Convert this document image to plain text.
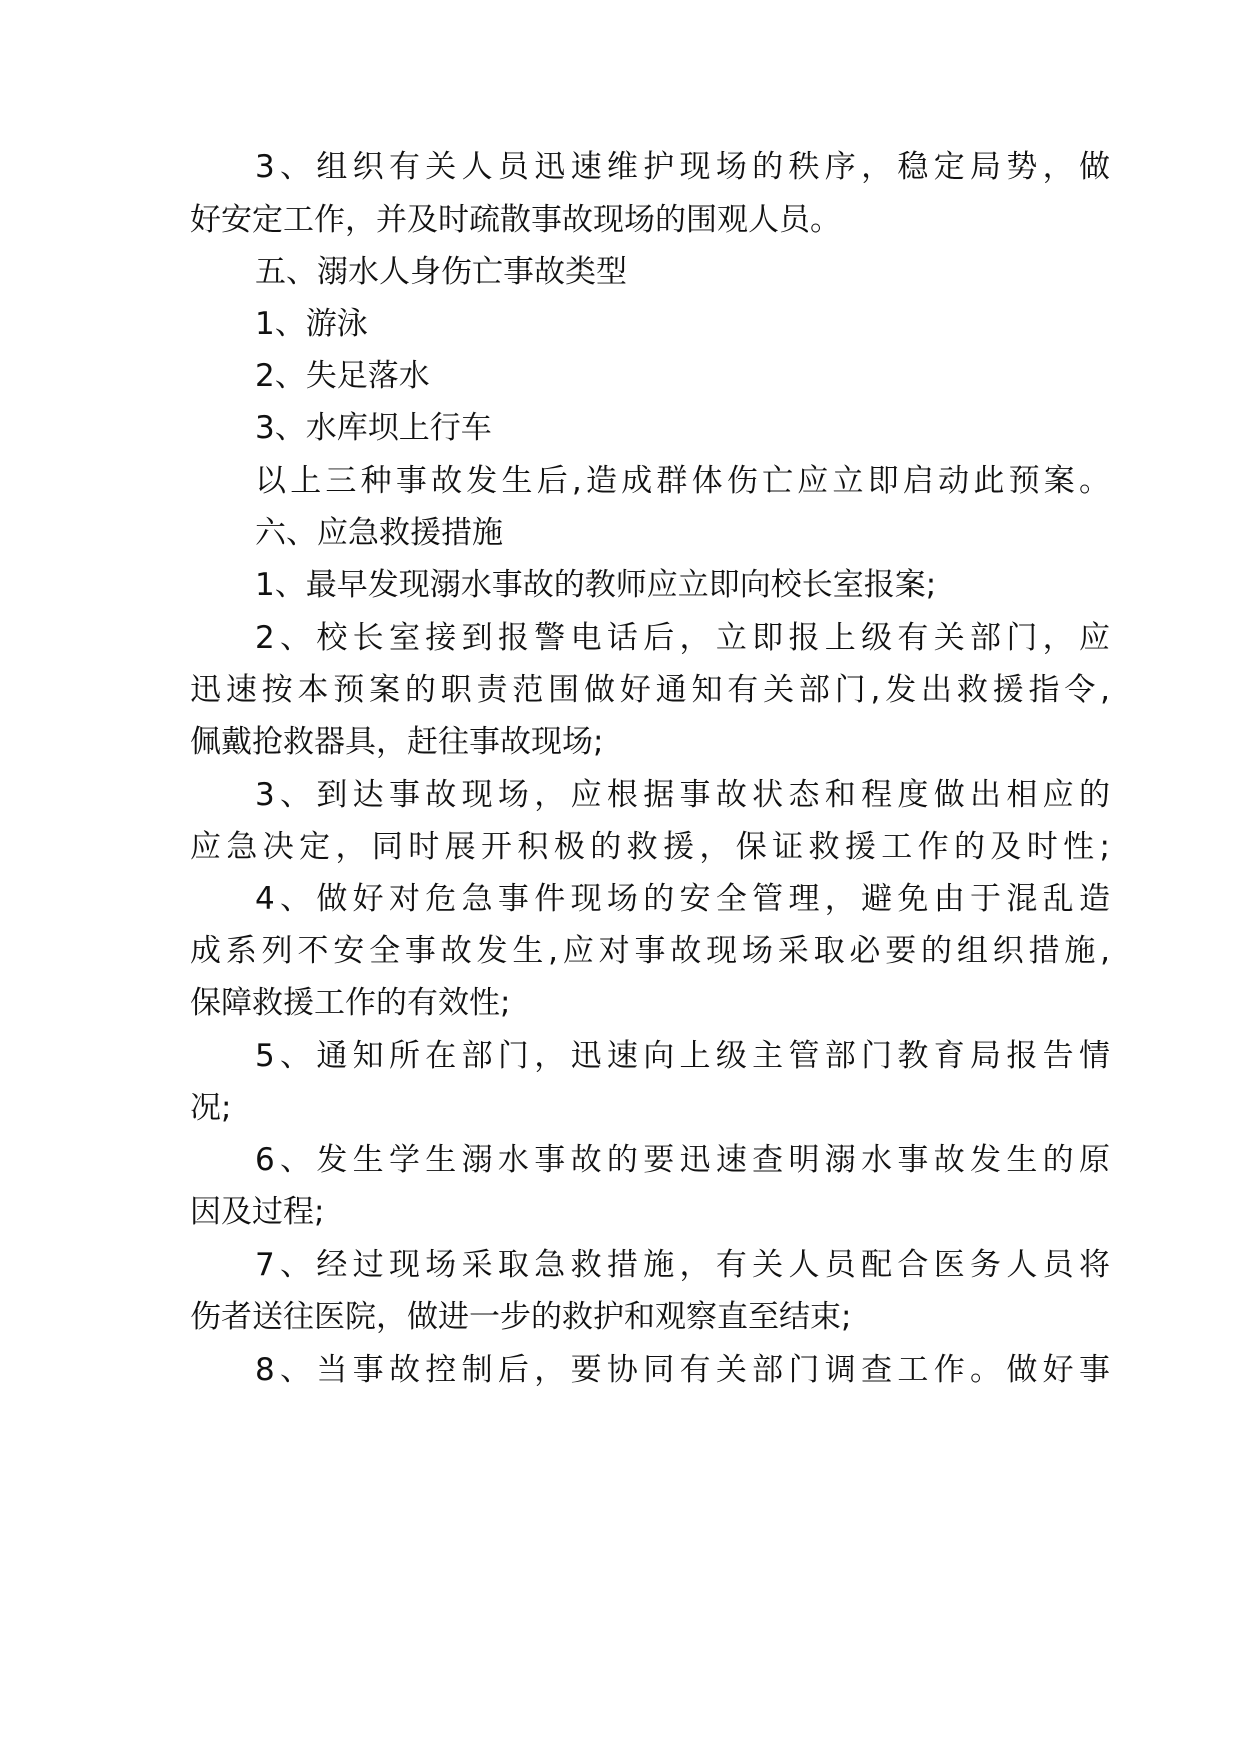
3、组织有关人员迅速维护现场的秩序，稳定局势，做
好安定工作，并及时疏散事故现场的围观人员。
五、溺水人身伤亡事故类型
1、游泳
2、失足落水
3、水库坝上行车
以上三种事故发生后,造成群体伤亡应立即启动此预案。
六、应急救援措施
1、最早发现溺水事故的教师应立即向校长室报案;
2、校长室接到报警电话后，立即报上级有关部门，应
迅速按本预案的职责范围做好通知有关部门,发出救援指令,
佩戴抢救器具，赶往事故现场;
3、到达事故现场，应根据事故状态和程度做出相应的
应急决定，同时展开积极的救援，保证救援工作的及时性;
4、做好对危急事件现场的安全管理，避免由于混乱造
成系列不安全事故发生,应对事故现场采取必要的组织措施,
保障救援工作的有效性;
5、通知所在部门，迅速向上级主管部门教育局报告情
况;
6、发生学生溺水事故的要迅速查明溺水事故发生的原
因及过程;
7、经过现场采取急救措施，有关人员配合医务人员将
伤者送往医院，做进一步的救护和观察直至结束;
8、当事故控制后，要协同有关部门调查工作。做好事
